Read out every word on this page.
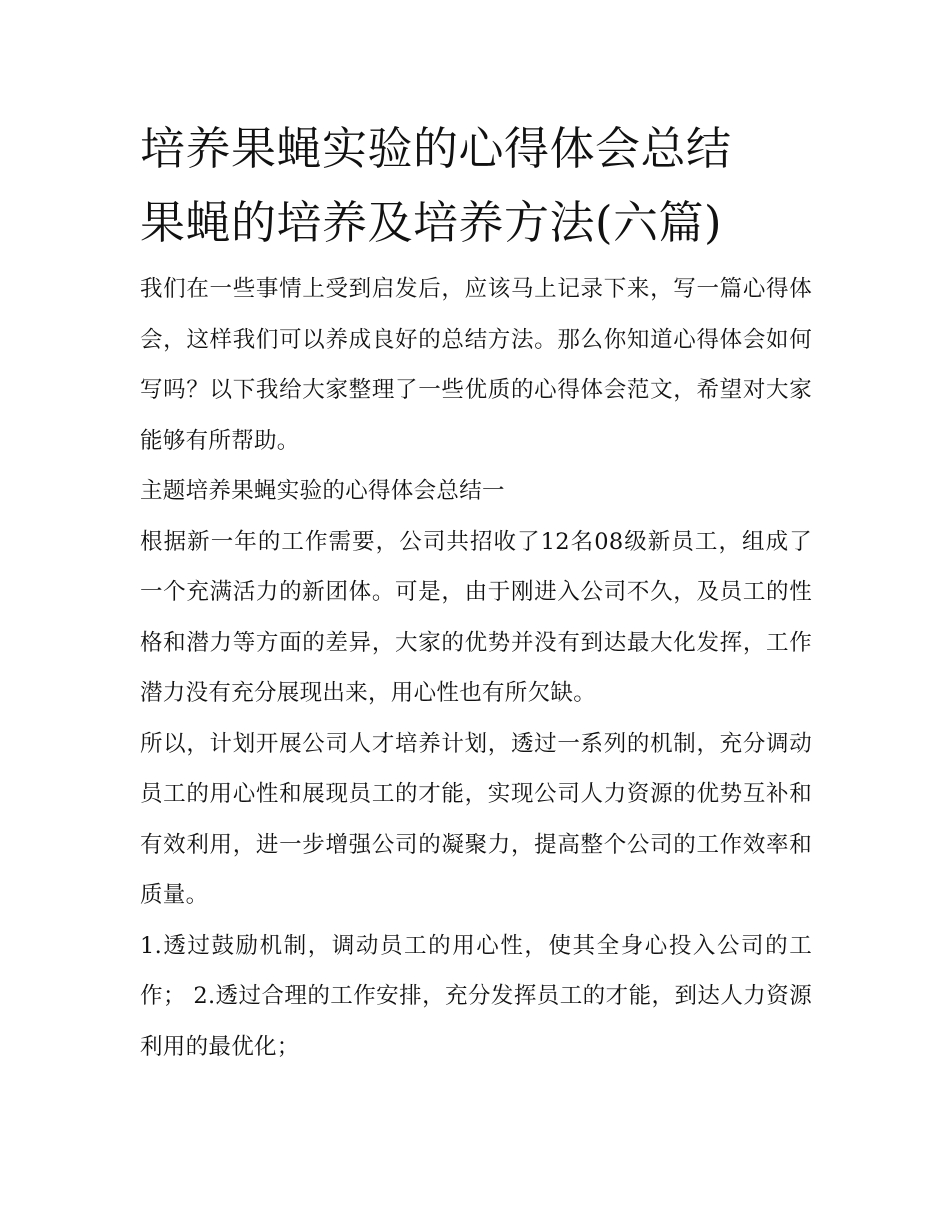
培养果蝇实验的心得体会总结
果蝇的培养及培养方法(六篇)

我们在一些事情上受到启发后，应该马上记录下来，写一篇心得体会，这样我们可以养成良好的总结方法。那么你知道心得体会如何写吗？以下我给大家整理了一些优质的心得体会范文，希望对大家能够有所帮助。

主题培养果蝇实验的心得体会总结一

根据新一年的工作需要，公司共招收了12名08级新员工，组成了一个充满活力的新团体。可是，由于刚进入公司不久，及员工的性格和潜力等方面的差异，大家的优势并没有到达最大化发挥，工作潜力没有充分展现出来，用心性也有所欠缺。

所以，计划开展公司人才培养计划，透过一系列的机制，充分调动员工的用心性和展现员工的才能，实现公司人力资源的优势互补和有效利用，进一步增强公司的凝聚力，提高整个公司的工作效率和质量。

1.透过鼓励机制，调动员工的用心性，使其全身心投入公司的工作； 2.透过合理的工作安排，充分发挥员工的才能，到达人力资源利用的最优化；
